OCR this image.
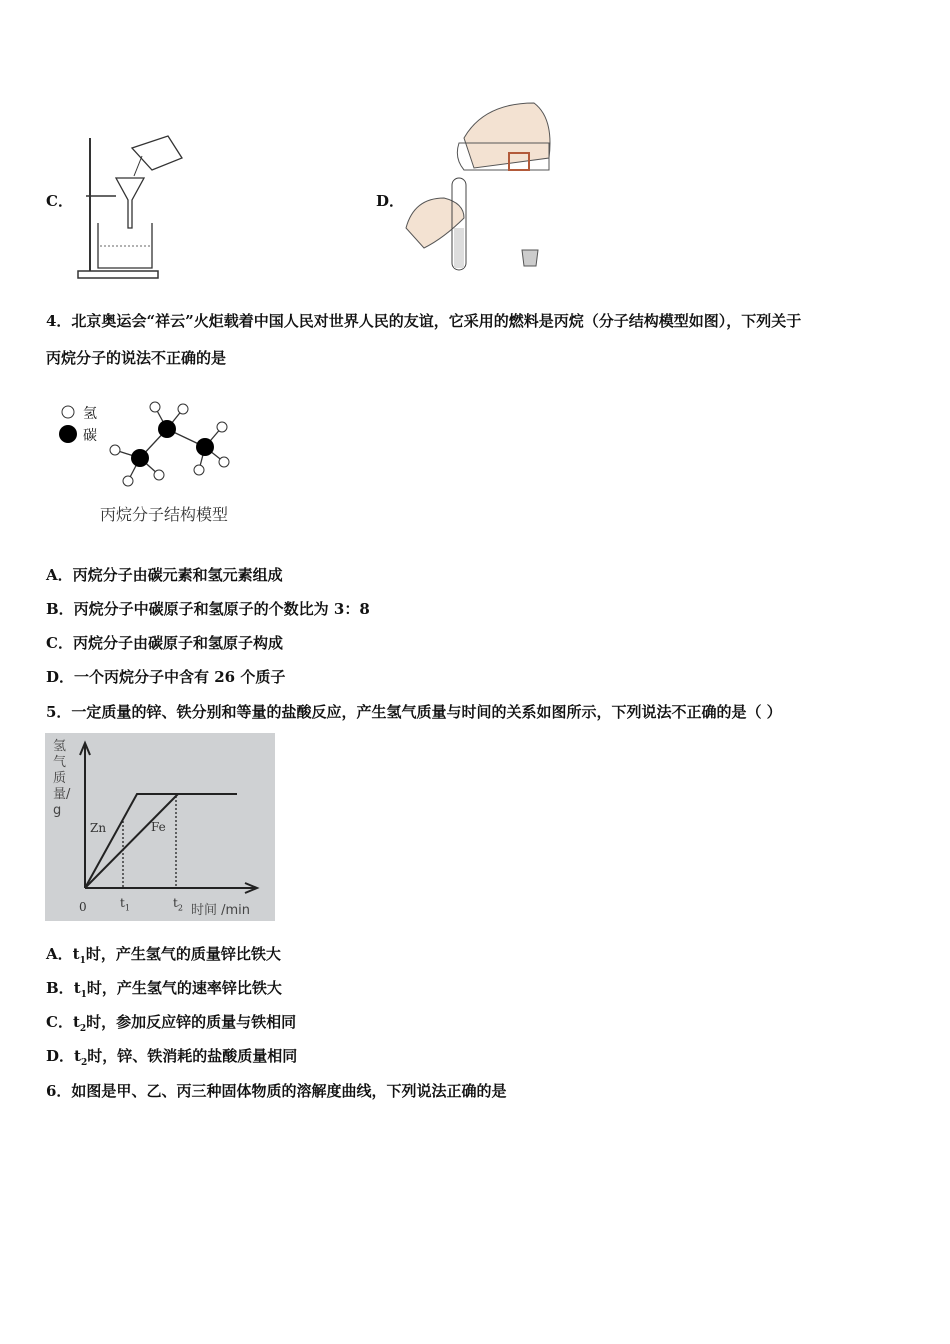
C．	D．
4．北京奥运会“祥云”火炬载着中国人民对世界人民的友谊，它采用的燃料是丙烷（分子结构模型如图），下列关于
丙烷分子的说法不正确的是
氢
碳
丙烷分子结构模型
A．丙烷分子由碳元素和氢元素组成
B．丙烷分子中碳原子和氢原子的个数比为 3：8
C．丙烷分子由碳原子和氢原子构成
D．一个丙烷分子中含有 26 个质子
5．一定质量的锌、铁分别和等量的盐酸反应，产生氢气质量与时间的关系如图所示，下列说法不正确的是（ ）
氢气质量/g
Zn	Fe
0	$t_1$	$t_2$ 时间 /min
A．$t_1$时，产生氢气的质量锌比铁大
B．$t_1$时，产生氢气的速率锌比铁大
C．$t_2$时，参加反应锌的质量与铁相同
D．$t_2$时，锌、铁消耗的盐酸质量相同
6．如图是甲、乙、丙三种固体物质的溶解度曲线，下列说法正确的是
